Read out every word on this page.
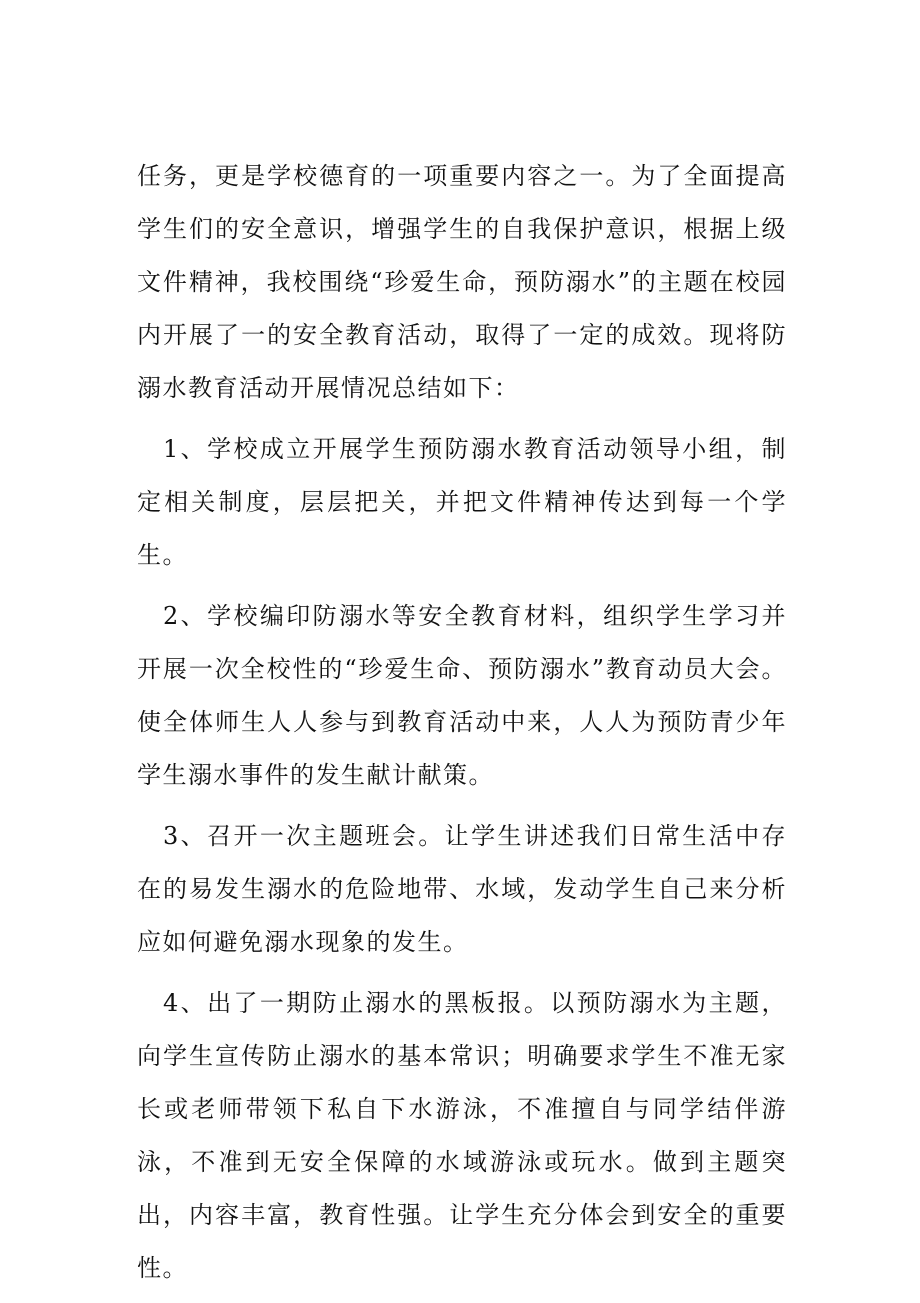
任务，更是学校德育的一项重要内容之一。为了全面提高学生们的安全意识，增强学生的自我保护意识，根据上级文件精神，我校围绕“珍爱生命，预防溺水”的主题在校园内开展了一的安全教育活动，取得了一定的成效。现将防溺水教育活动开展情况总结如下：

1、学校成立开展学生预防溺水教育活动领导小组，制定相关制度，层层把关，并把文件精神传达到每一个学生。

2、学校编印防溺水等安全教育材料，组织学生学习并开展一次全校性的“珍爱生命、预防溺水”教育动员大会。使全体师生人人参与到教育活动中来，人人为预防青少年学生溺水事件的发生献计献策。

3、召开一次主题班会。让学生讲述我们日常生活中存在的易发生溺水的危险地带、水域，发动学生自己来分析应如何避免溺水现象的发生。

4、出了一期防止溺水的黑板报。以预防溺水为主题，向学生宣传防止溺水的基本常识；明确要求学生不准无家长或老师带领下私自下水游泳，不准擅自与同学结伴游泳，不准到无安全保障的水域游泳或玩水。做到主题突出，内容丰富，教育性强。让学生充分体会到安全的重要性。
